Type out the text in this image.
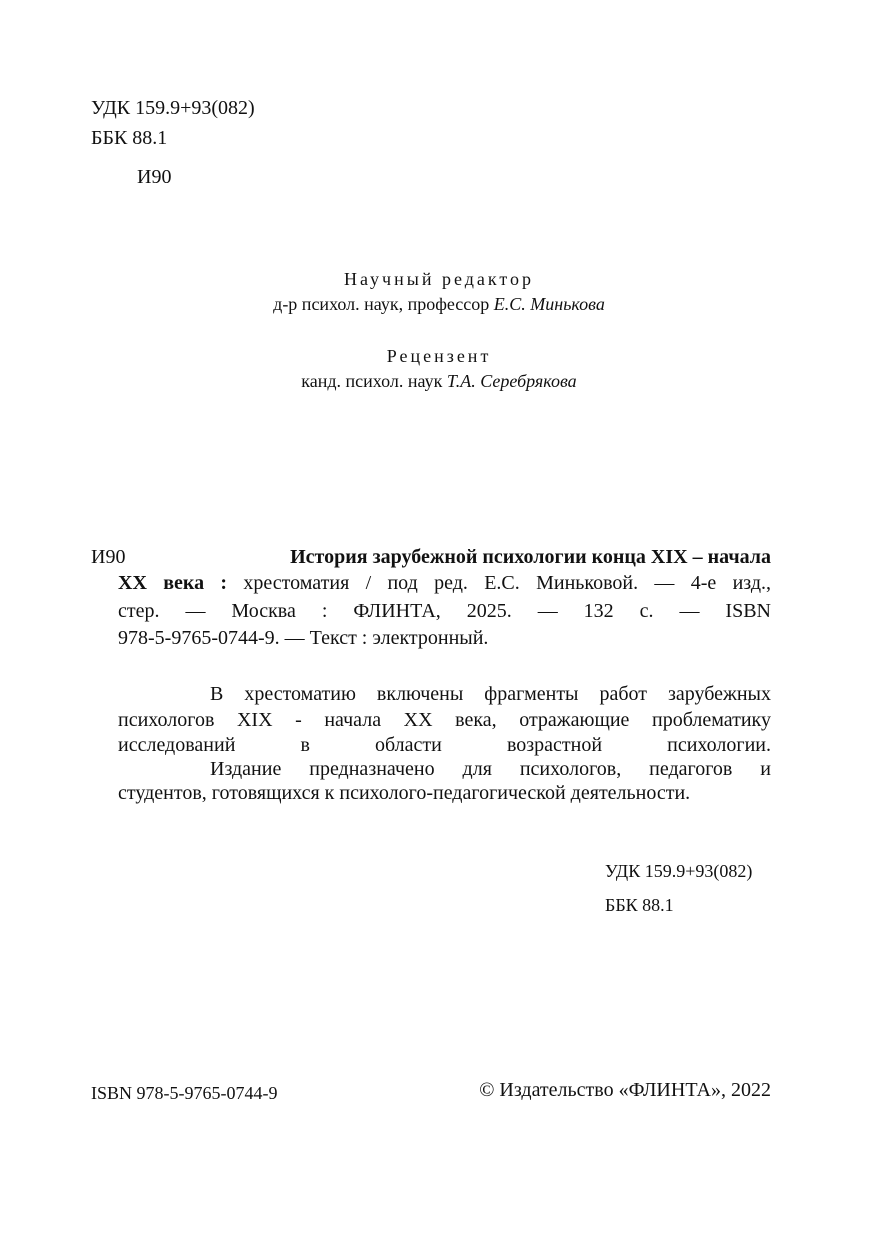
УДК 159.9+93(082)
ББК 88.1
И90
Научный редактор
д-р психол. наук, профессор Е.С. Минькова
Рецензент
канд. психол. наук Т.А. Серебрякова
И90	История зарубежной психологии конца XIX – начала
XX века : хрестоматия / под ред. Е.С. Миньковой. — 4-е изд.,
стер. — Москва : ФЛИНТА, 2025. — 132 с. — ISBN
978-5-9765-0744-9. — Текст : электронный.
В хрестоматию включены фрагменты работ зарубежных
психологов XIX - начала XX века, отражающие проблематику
исследований в области возрастной психологии.
Издание предназначено для психологов, педагогов и
студентов, готовящихся к психолого-педагогической деятельности.
УДК 159.9+93(082)
ББК 88.1
ISBN 978-5-9765-0744-9	© Издательство «ФЛИНТА», 2022
